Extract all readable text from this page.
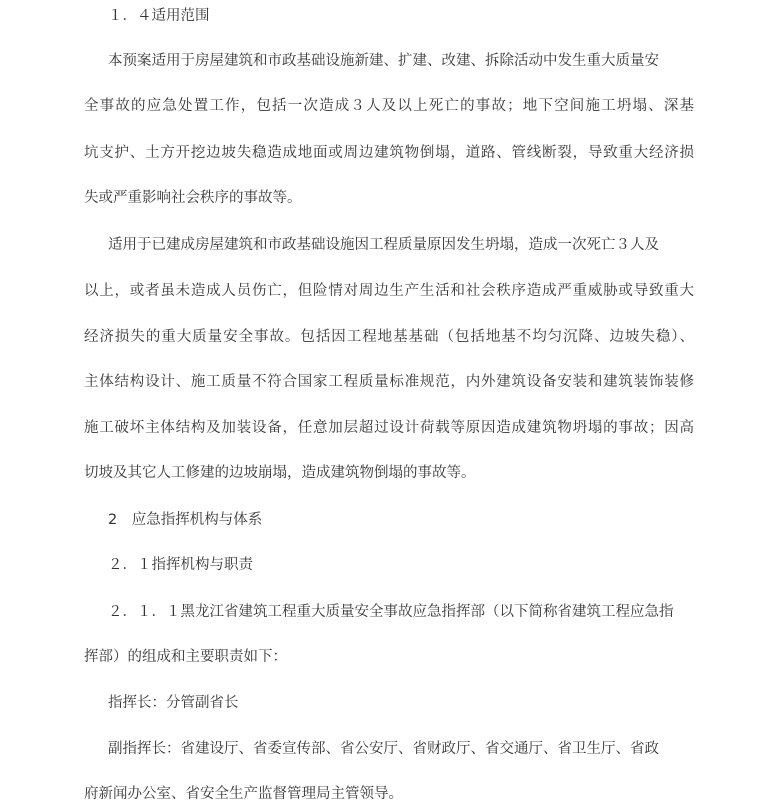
１．４适用范围
本预案适用于房屋建筑和市政基础设施新建、扩建、改建、拆除活动中发生重大质量安
全事故的应急处置工作，包括一次造成３人及以上死亡的事故；地下空间施工坍塌、深基
坑支护、土方开挖边坡失稳造成地面或周边建筑物倒塌，道路、管线断裂，导致重大经济损
失或严重影响社会秩序的事故等。
适用于已建成房屋建筑和市政基础设施因工程质量原因发生坍塌，造成一次死亡３人及
以上，或者虽未造成人员伤亡，但险情对周边生产生活和社会秩序造成严重威胁或导致重大
经济损失的重大质量安全事故。包括因工程地基基础（包括地基不均匀沉降、边坡失稳）、
主体结构设计、施工质量不符合国家工程质量标准规范，内外建筑设备安装和建筑装饰装修
施工破坏主体结构及加装设备，任意加层超过设计荷载等原因造成建筑物坍塌的事故；因高
切坡及其它人工修建的边坡崩塌，造成建筑物倒塌的事故等。
2　应急指挥机构与体系
２．１指挥机构与职责
２．１．１黑龙江省建筑工程重大质量安全事故应急指挥部（以下简称省建筑工程应急指
挥部）的组成和主要职责如下：
指挥长：分管副省长
副指挥长：省建设厅、省委宣传部、省公安厅、省财政厅、省交通厅、省卫生厅、省政
府新闻办公室、省安全生产监督管理局主管领导。
